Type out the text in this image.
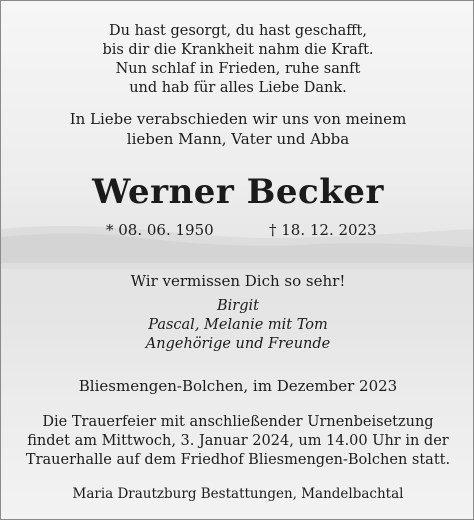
Du hast gesorgt, du hast geschafft,
bis dir die Krankheit nahm die Kraft.
Nun schlaf in Frieden, ruhe sanft
und hab für alles Liebe Dank.
In Liebe verabschieden wir uns von meinem
lieben Mann, Vater und Abba
Werner Becker
* 08. 06. 1950	† 18. 12. 2023
Wir vermissen Dich so sehr!
Birgit
Pascal, Melanie mit Tom
Angehörige und Freunde
Bliesmengen-Bolchen, im Dezember 2023
Die Trauerfeier mit anschließender Urnenbeisetzung
findet am Mittwoch, 3. Januar 2024, um 14.00 Uhr in der
Trauerhalle auf dem Friedhof Bliesmengen-Bolchen statt.
Maria Drautzburg Bestattungen, Mandelbachtal
